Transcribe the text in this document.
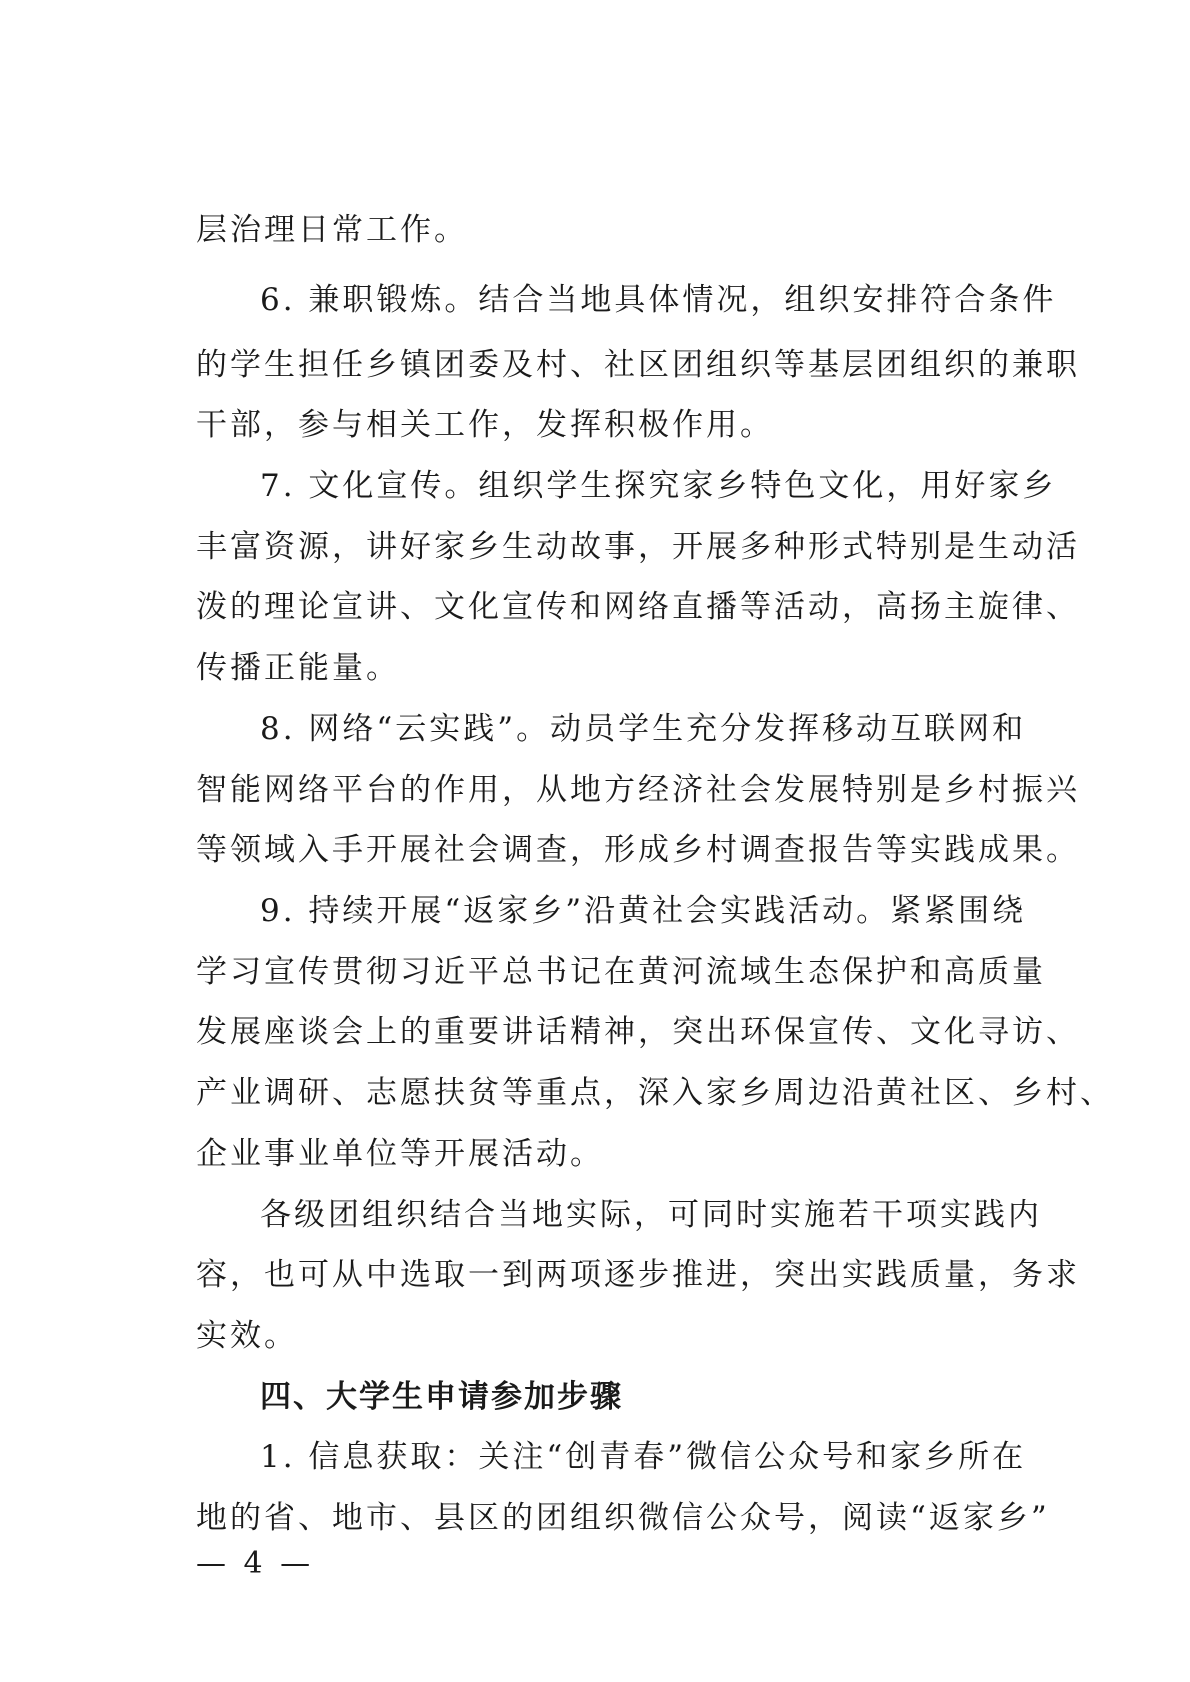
层治理日常工作。
6. 兼职锻炼。结合当地具体情况，组织安排符合条件
的学生担任乡镇团委及村、社区团组织等基层团组织的兼职
干部，参与相关工作，发挥积极作用。
7. 文化宣传。组织学生探究家乡特色文化，用好家乡
丰富资源，讲好家乡生动故事，开展多种形式特别是生动活
泼的理论宣讲、文化宣传和网络直播等活动，高扬主旋律、
传播正能量。
8. 网络“云实践”。动员学生充分发挥移动互联网和
智能网络平台的作用，从地方经济社会发展特别是乡村振兴
等领域入手开展社会调查，形成乡村调查报告等实践成果。
9. 持续开展“返家乡”沿黄社会实践活动。紧紧围绕
学习宣传贯彻习近平总书记在黄河流域生态保护和高质量
发展座谈会上的重要讲话精神，突出环保宣传、文化寻访、
产业调研、志愿扶贫等重点，深入家乡周边沿黄社区、乡村、
企业事业单位等开展活动。
各级团组织结合当地实际，可同时实施若干项实践内
容，也可从中选取一到两项逐步推进，突出实践质量，务求
实效。
四、大学生申请参加步骤
1. 信息获取：关注“创青春”微信公众号和家乡所在
地的省、地市、县区的团组织微信公众号，阅读“返家乡”
— 4 —
